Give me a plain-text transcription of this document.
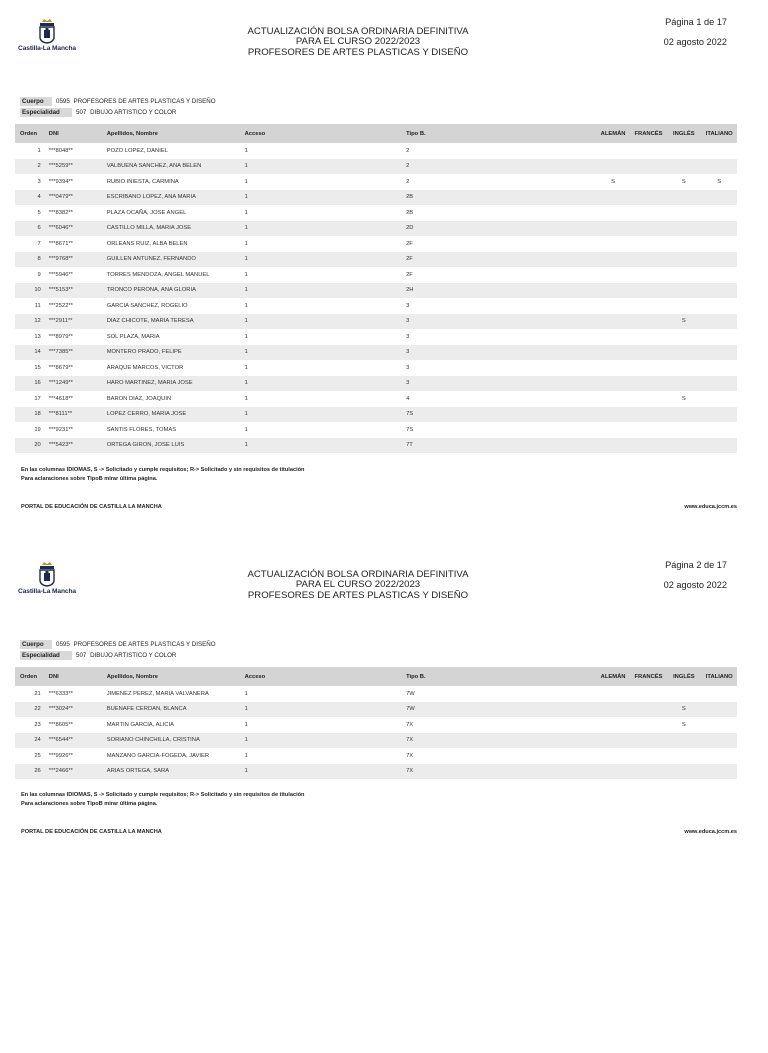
Castilla-La Mancha
ACTUALIZACIÓN BOLSA ORDINARIA DEFINITIVA
PARA EL CURSO 2022/2023
PROFESORES DE ARTES PLASTICAS Y DISEÑO
Página 1 de 17
02 agosto 2022
Cuerpo 0595 PROFESORES DE ARTES PLASTICAS Y DISEÑO
Especialidad	507 DIBUJO ARTISTICO Y COLOR
Orden	DNI	Apellidos, Nombre	Acceso	Tipo B.		ALEMÁN	FRANCÉS	INGLÉS	ITALIANO
1	***8048**	POZO LOPEZ, DANIEL	1	2					
2	***5259**	VALBUENA SANCHEZ, ANA BELEN	1	2					
3	***9394**	RUBIO INIESTA, CARMINA	1	2		S		S	S
4	***0479**	ESCRIBANO LOPEZ, ANA MARIA	1	2B					
5	***8382**	PLAZA OCAÑA, JOSE ANGEL	1	2B					
6	***6046**	CASTILLO MILLA, MARIA JOSE	1	2D					
7	***8671**	ORLEANS RUIZ, ALBA BELEN	1	2F					
8	***9768**	GUILLEN ANTUNEZ, FERNANDO	1	2F					
9	***5946**	TORRES MENDOZA, ANGEL MANUEL	1	2F					
10	***5153**	TRONCO PERONA, ANA GLORIA	1	2H					
11	***2522**	GARCIA SANCHEZ, ROGELIO	1	3					
12	***2911**	DIAZ CHICOTE, MARIA TERESA	1	3				S	
13	***8979**	SOL PLAZA, MARIA	1	3					
14	***7385**	MONTERO PRADO, FELIPE	1	3					
15	***8679**	ARAQUE MARCOS, VICTOR	1	3					
16	***1249**	HARO MARTINEZ, MARIA JOSE	1	3					
17	***4618**	BARON DIAZ, JOAQUIN	1	4				S	
18	***8111**	LOPEZ CERRO, MARIA JOSE	1	7S					
19	***9231**	SANTIS FLORES, TOMAS	1	7S					
20	***5423**	ORTEGA GIRON, JOSE LUIS	1	7T					
En las columnas IDIOMAS, S -> Solicitado y cumple requisitos; R-> Solicitado y sin requisitos de titulación
Para aclaraciones sobre TipoB mirar última página.
PORTAL DE EDUCACIÓN DE CASTILLA LA MANCHA	www.educa.jccm.es
Castilla-La Mancha
ACTUALIZACIÓN BOLSA ORDINARIA DEFINITIVA
PARA EL CURSO 2022/2023
PROFESORES DE ARTES PLASTICAS Y DISEÑO
Página 2 de 17
02 agosto 2022
Cuerpo 0595 PROFESORES DE ARTES PLASTICAS Y DISEÑO
Especialidad	507 DIBUJO ARTISTICO Y COLOR
Orden	DNI	Apellidos, Nombre	Acceso	Tipo B.		ALEMÁN	FRANCÉS	INGLÉS	ITALIANO
21	***6333**	JIMENEZ PEREZ, MARIA VALVANERA	1	7W					
22	***3024**	BUENAFE CERDAN, BLANCA	1	7W				S	
23	***8605**	MARTIN GARCIA, ALICIA	1	7X				S	
24	***6544**	SORIANO CHINCHILLA, CRISTINA	1	7X					
25	***9926**	MANZANO GARCIA-FOGEDA, JAVIER	1	7X					
26	***2466**	ARIAS ORTEGA, SARA	1	7X					
En las columnas IDIOMAS, S -> Solicitado y cumple requisitos; R-> Solicitado y sin requisitos de titulación
Para aclaraciones sobre TipoB mirar última página.
PORTAL DE EDUCACIÓN DE CASTILLA LA MANCHA	www.educa.jccm.es
